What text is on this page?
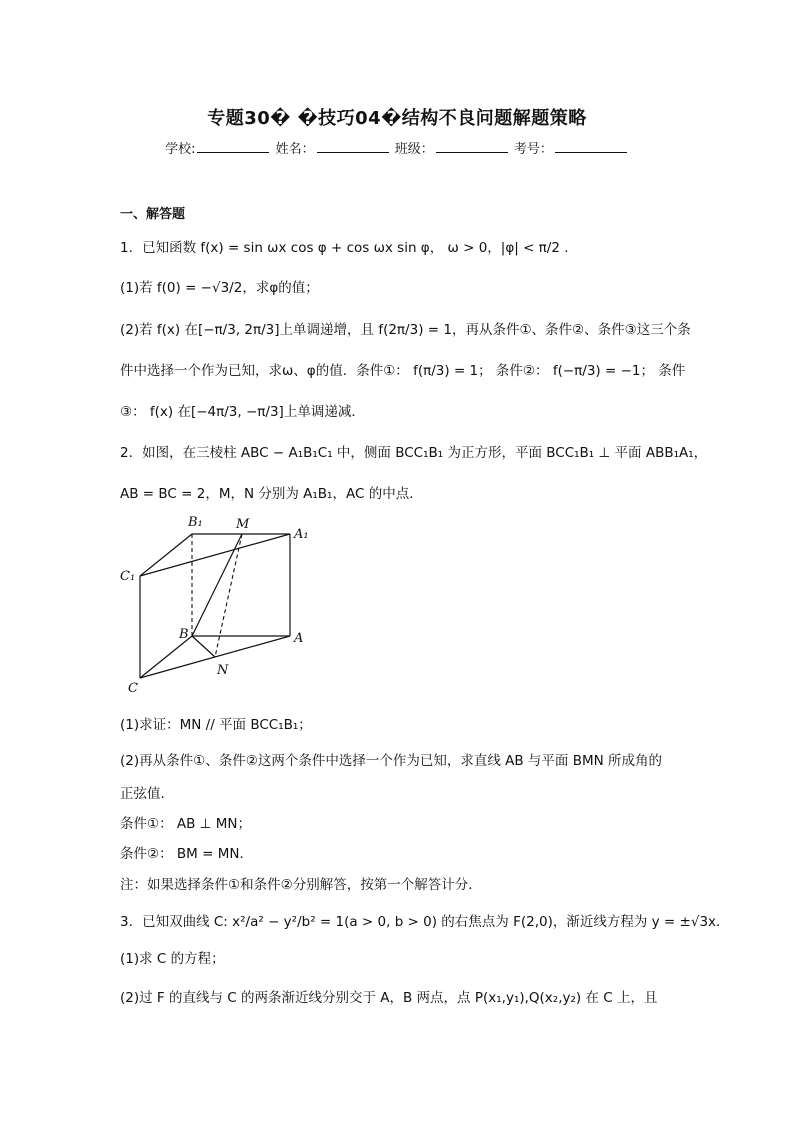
专题30� �技巧04�结构不良问题解题策略
学校:	姓名：	班级：	考号：
一、解答题
1．已知函数 f(x) = sin ωx cos φ + cos ωx sin φ， ω > 0，|φ| < π/2 .
(1)若 f(0) = −√3/2，求φ的值；
(2)若 f(x) 在[−π/3, 2π/3]上单调递增，且 f(2π/3) = 1，再从条件①、条件②、条件③这三个条
件中选择一个作为已知，求ω、φ的值．条件①： f(π/3) = 1； 条件②： f(−π/3) = −1； 条件
③： f(x) 在[−4π/3, −π/3]上单调递减．
2．如图，在三棱柱 ABC − A₁B₁C₁ 中，侧面 BCC₁B₁ 为正方形，平面 BCC₁B₁ ⊥ 平面 ABB₁A₁，
AB = BC = 2，M，N 分别为 A₁B₁，AC 的中点．
B₁	M
A₁
C₁
B	A
N
C
(1)求证：MN // 平面 BCC₁B₁；
(2)再从条件①、条件②这两个条件中选择一个作为已知，求直线 AB 与平面 BMN 所成角的
正弦值．
条件①： AB ⊥ MN；
条件②： BM = MN．
注：如果选择条件①和条件②分别解答，按第一个解答计分．
3．已知双曲线 C: x²/a² − y²/b² = 1(a > 0, b > 0) 的右焦点为 F(2,0)，渐近线方程为 y = ±√3x．
(1)求 C 的方程；
(2)过 F 的直线与 C 的两条渐近线分别交于 A，B 两点，点 P(x₁,y₁),Q(x₂,y₂) 在 C 上，且
